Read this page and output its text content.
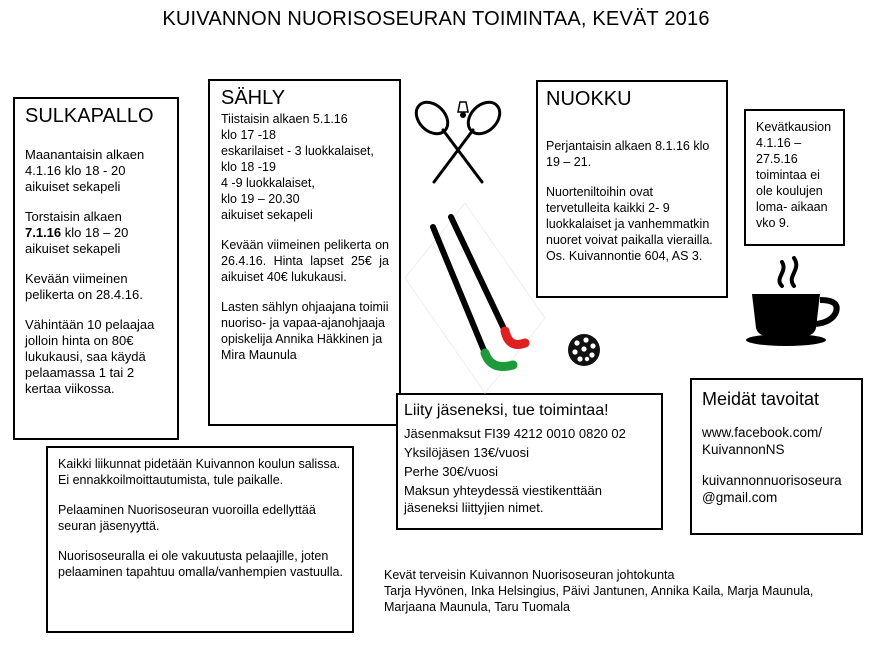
KUIVANNON NUORISOSEURAN TOIMINTAA, KEVÄT 2016
SULKAPALLO

Maanantaisin alkaen 4.1.16 klo 18 - 20 aikuiset sekapeli

Torstaisin alkaen
7.1.16 klo 18 – 20 aikuiset sekapeli

Kevään viimeinen pelikerta on 28.4.16.

Vähintään 10 pelaajaa jolloin hinta on 80€ lukukausi, saa käydä pelaamassa 1 tai 2 kertaa viikossa.

SÄHLY
Tiistaisin alkaen 5.1.16
klo 17 -18
eskarilaiset - 3 luokkalaiset,
klo 18 -19
4 -9 luokkalaiset,
klo 19 – 20.30
aikuiset sekapeli

Kevään viimeinen pelikerta on 26.4.16. Hinta lapset 25€ ja aikuiset 40€ lukukausi.

Lasten sählyn ohjaajana toimii nuoriso- ja vapaa-ajanohjaaja opiskelija Annika Häkkinen ja Mira Maunula

NUOKKU

Perjantaisin alkaen 8.1.16 klo 19 – 21.

Nuorteniltoihin ovat tervetulleita kaikki 2- 9 luokkalaiset ja vanhemmatkin nuoret voivat paikalla vierailla. Os. Kuivannontie 604, AS 3.

Kevätkausion 4.1.16 – 27.5.16 toimintaa ei ole koulujen loma- aikaan vko 9.

Kaikki liikunnat pidetään Kuivannon koulun salissa. Ei ennakkoilmoittautumista, tule paikalle.

Pelaaminen Nuorisoseuran vuoroilla edellyttää seuran jäsenyyttä.

Nuorisoseuralla ei ole vakuutusta pelaajille, joten pelaaminen tapahtuu omalla/vanhempien vastuulla.

Liity jäseneksi, tue toimintaa!
Jäsenmaksut FI39 4212 0010 0820 02
Yksilöjäsen 13€/vuosi
Perhe 30€/vuosi
Maksun yhteydessä viestikenttään jäseneksi liittyjien nimet.
Meidät tavoitat

www.facebook.com/ KuivannonNS

kuivannonnuorisoseura @gmail.com

Kevät terveisin Kuivannon Nuorisoseuran johtokunta
Tarja Hyvönen, Inka Helsingius, Päivi Jantunen, Annika Kaila, Marja Maunula, Marjaana Maunula, Taru Tuomala
